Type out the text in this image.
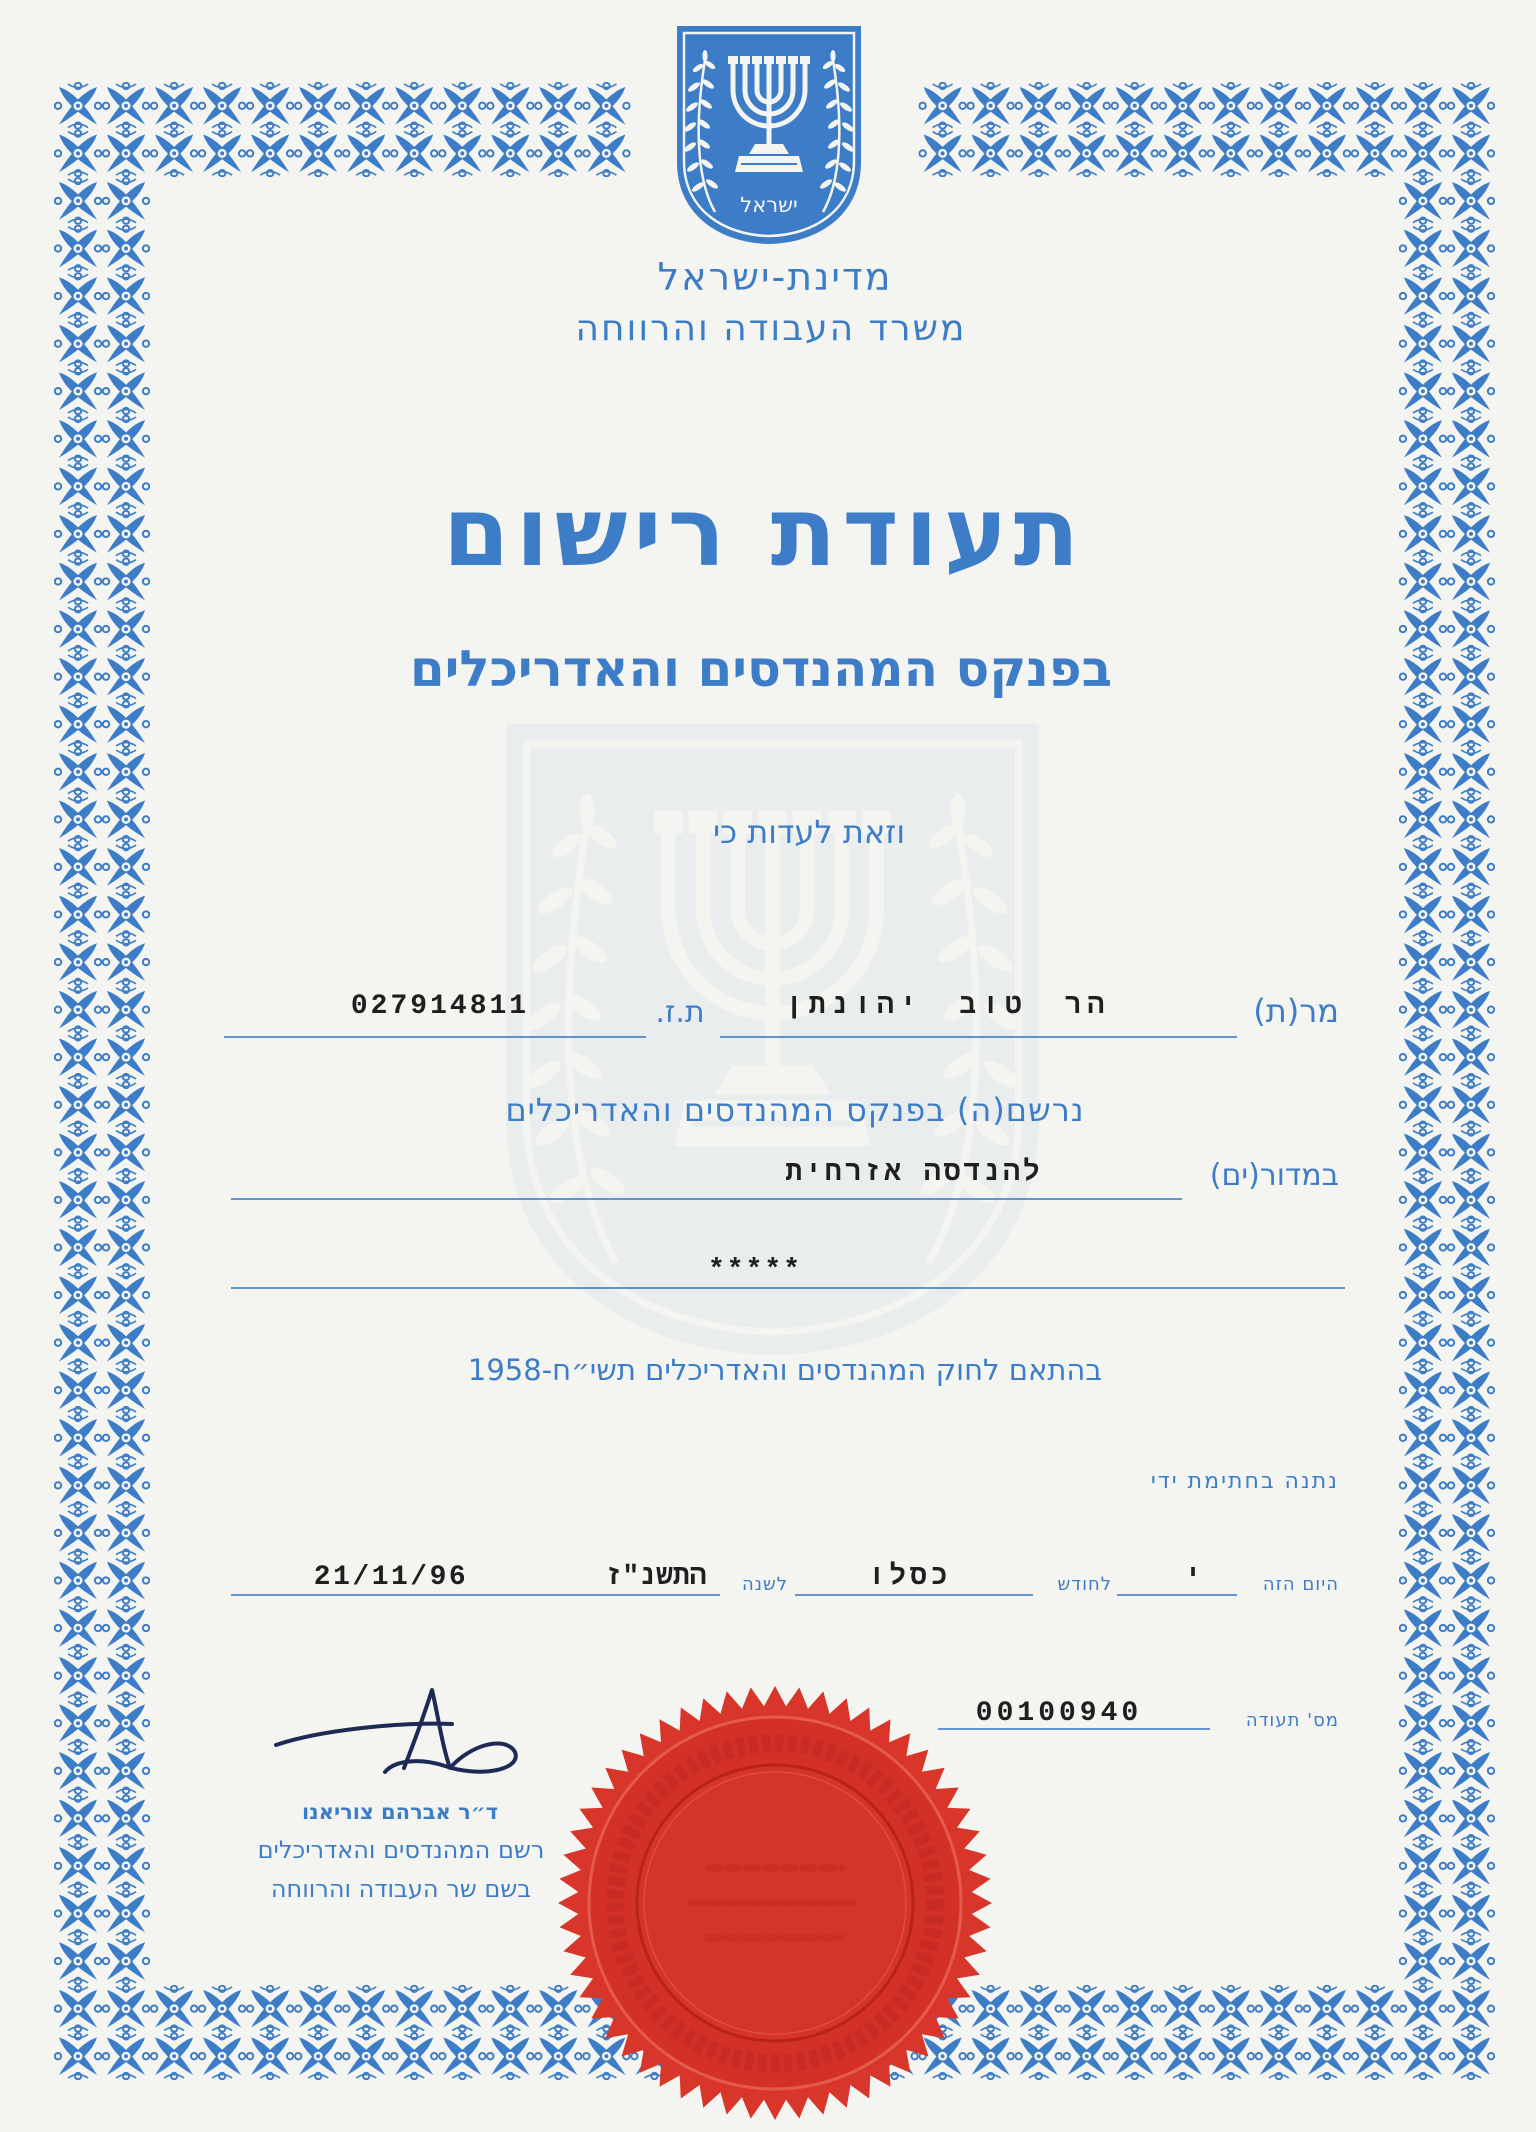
ישראל
מדינת-ישראל
משרד העבודה והרווחה
תעודת רישום
בפנקס המהנדסים והאדריכלים
וזאת לעדות כי
מר(ת)
הר טוב יהונתן
ת.ז.
027914811
נרשם(ה) בפנקס המהנדסים והאדריכלים
במדור(ים)
להנדסה אזרחית
*****
בהתאם לחוק המהנדסים והאדריכלים תשי״ח-1958
נתנה בחתימת ידי
היום הזה
י
לחודש
כסלו
לשנה
התשנ"ז
21/11/96
מס' תעודה
00100940
ד״ר אברהם צוריאנו
רשם המהנדסים והאדריכלים
בשם שר העבודה והרווחה
